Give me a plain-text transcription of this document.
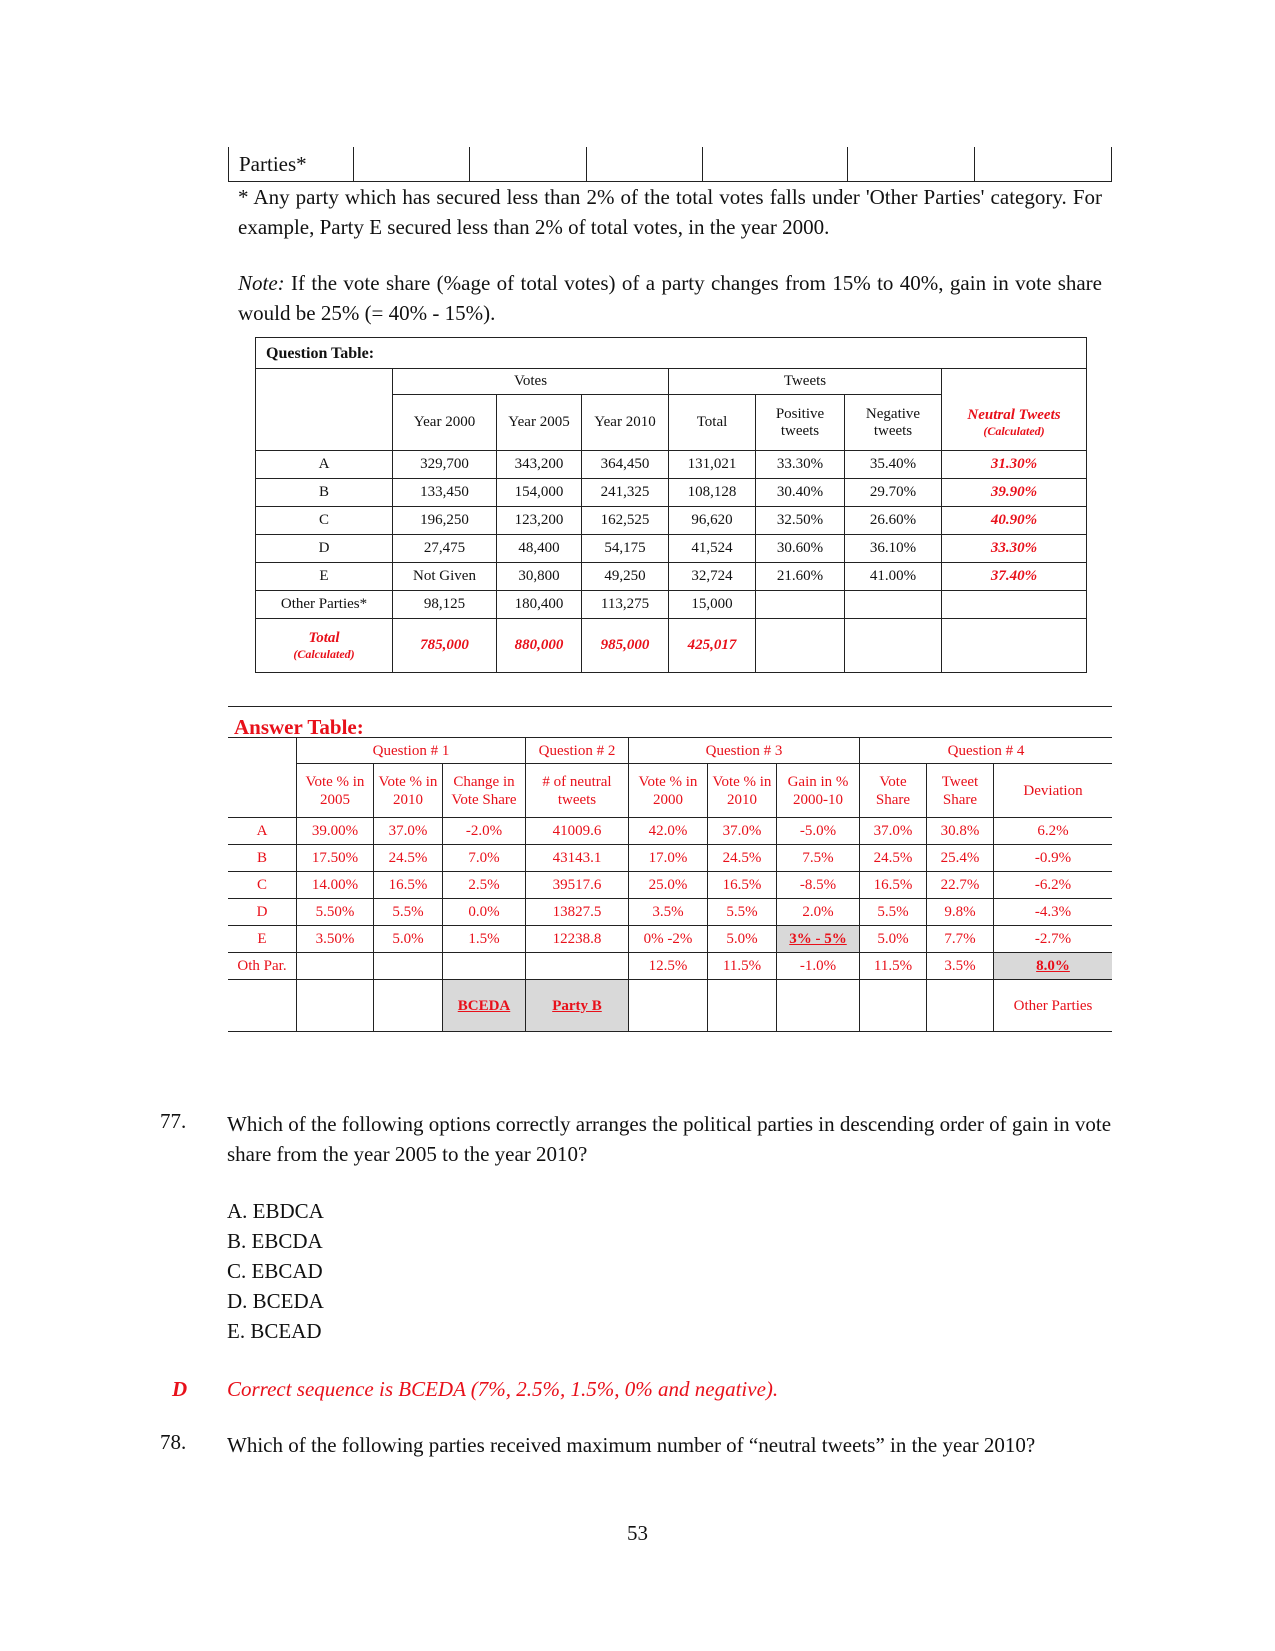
Parties*						
* Any party which has secured less than 2% of the total votes falls under 'Other Parties' category. For example, Party E secured less than 2% of total votes, in the year 2000.
Note: If the vote share (%age of total votes) of a party changes from 15% to 40%, gain in vote share would be 25% (= 40% - 15%).
Question Table:							
	Votes			Tweets			
	Year 2000	Year 2005	Year 2010	Total	Positive tweets	Negative tweets	Neutral Tweets
(Calculated)

A	329,700	343,200	364,450	131,021	33.30%	35.40%	31.30%
B	133,450	154,000	241,325	108,128	30.40%	29.70%	39.90%
C	196,250	123,200	162,525	96,620	32.50%	26.60%	40.90%
D	27,475	48,400	54,175	41,524	30.60%	36.10%	33.30%
E	Not Given	30,800	49,250	32,724	21.60%	41.00%	37.40%
Other Parties*	98,125	180,400	113,275	15,000			
Total
(Calculated)	785,000	880,000	985,000	425,017			
Answer Table:										
	Question # 1			Question # 2	Question # 3			Question # 4		
	Vote % in 2005	Vote % in 2010	Change in Vote Share	# of neutral tweets	Vote % in 2000	Vote % in 2010	Gain in % 2000-10	Vote Share	Tweet Share	Deviation
A	39.00%	37.0%	-2.0%	41009.6	42.0%	37.0%	-5.0%	37.0%	30.8%	6.2%
B	17.50%	24.5%	7.0%	43143.1	17.0%	24.5%	7.5%	24.5%	25.4%	-0.9%
C	14.00%	16.5%	2.5%	39517.6	25.0%	16.5%	-8.5%	16.5%	22.7%	-6.2%
D	5.50%	5.5%	0.0%	13827.5	3.5%	5.5%	2.0%	5.5%	9.8%	-4.3%
E	3.50%	5.0%	1.5%	12238.8	0% -2%	5.0%	3% - 5%	5.0%	7.7%	-2.7%
Oth Par.					12.5%	11.5%	-1.0%	11.5%	3.5%	8.0%
			BCEDA	Party B						Other Parties
77. Which of the following options correctly arranges the political parties in descending order of gain in vote share from the year 2005 to the year 2010?
A. EBDCA
B. EBCDA
C. EBCAD
D. BCEDA
E. BCEAD
D Correct sequence is BCEDA (7%, 2.5%, 1.5%, 0% and negative).
78. Which of the following parties received maximum number of “neutral tweets” in the year 2010?
53
